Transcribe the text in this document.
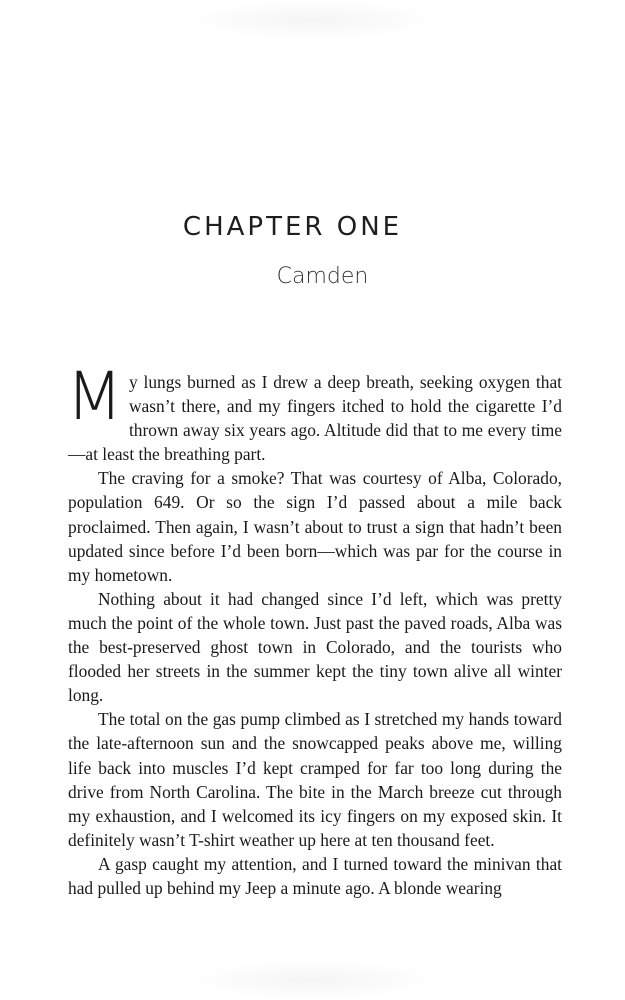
CHAPTER ONE
Camden

My lungs burned as I drew a deep breath, seeking oxygen that wasn’t there, and my fingers itched to hold the cigarette I’d thrown away six years ago. Altitude did that to me every time—at least the breathing part.

The craving for a smoke? That was courtesy of Alba, Colorado, population 649. Or so the sign I’d passed about a mile back proclaimed. Then again, I wasn’t about to trust a sign that hadn’t been updated since before I’d been born—which was par for the course in my hometown.

Nothing about it had changed since I’d left, which was pretty much the point of the whole town. Just past the paved roads, Alba was the best-preserved ghost town in Colorado, and the tourists who flooded her streets in the summer kept the tiny town alive all winter long.

The total on the gas pump climbed as I stretched my hands toward the late-afternoon sun and the snowcapped peaks above me, willing life back into muscles I’d kept cramped for far too long during the drive from North Carolina. The bite in the March breeze cut through my exhaustion, and I welcomed its icy fingers on my exposed skin. It definitely wasn’t T-shirt weather up here at ten thousand feet.

A gasp caught my attention, and I turned toward the minivan that had pulled up behind my Jeep a minute ago. A blonde wearing
